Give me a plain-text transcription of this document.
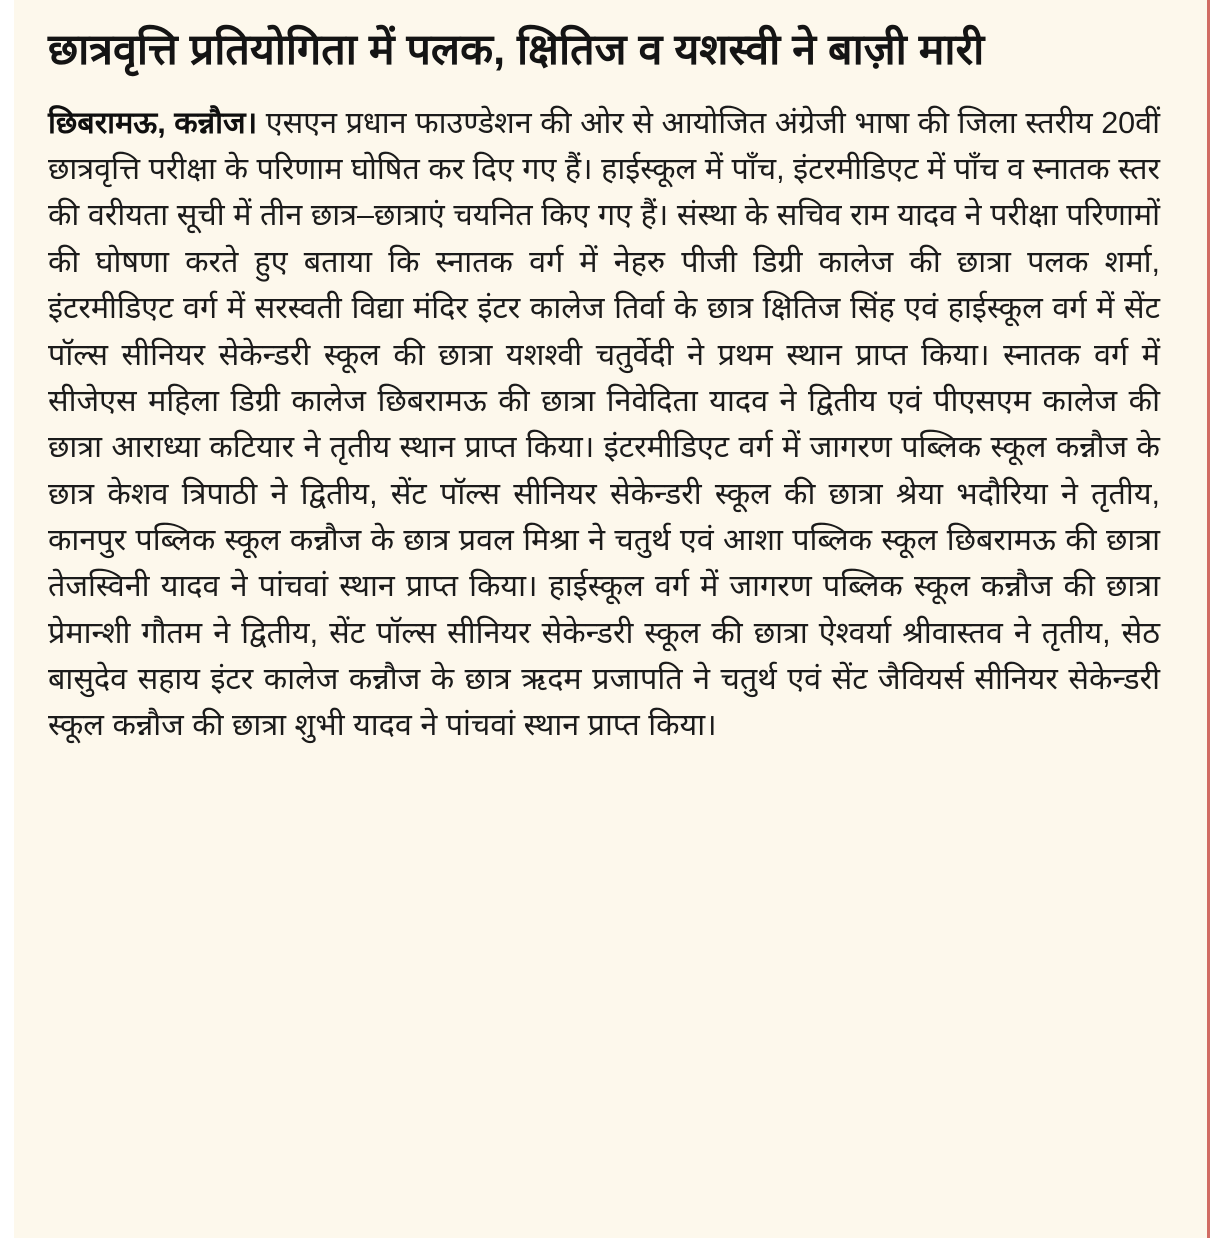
छात्रवृत्ति प्रतियोगिता में पलक, क्षितिज व यशस्वी ने बाज़ी मारी

छिबरामऊ, कन्नौज। एसएन प्रधान फाउण्डेशन की ओर से आयोजित अंग्रेजी भाषा की जिला स्तरीय 20वीं छात्रवृत्ति परीक्षा के परिणाम घोषित कर दिए गए हैं। हाईस्कूल में पाँच, इंटरमीडिएट में पाँच व स्नातक स्तर की वरीयता सूची में तीन छात्र–छात्राएं चयनित किए गए हैं। संस्था के सचिव राम यादव ने परीक्षा परिणामों की घोषणा करते हुए बताया कि स्नातक वर्ग में नेहरु पीजी डिग्री कालेज की छात्रा पलक शर्मा, इंटरमीडिएट वर्ग में सरस्वती विद्या मंदिर इंटर कालेज तिर्वा के छात्र क्षितिज सिंह एवं हाईस्कूल वर्ग में सेंट पॉल्स सीनियर सेकेन्डरी स्कूल की छात्रा यशश्वी चतुर्वेदी ने प्रथम स्थान प्राप्त किया। स्नातक वर्ग में सीजेएस महिला डिग्री कालेज छिबरामऊ की छात्रा निवेदिता यादव ने द्वितीय एवं पीएसएम कालेज की छात्रा आराध्या कटियार ने तृतीय स्थान प्राप्त किया। इंटरमीडिएट वर्ग में जागरण पब्लिक स्कूल कन्नौज के छात्र केशव त्रिपाठी ने द्वितीय, सेंट पॉल्स सीनियर सेकेन्डरी स्कूल की छात्रा श्रेया भदौरिया ने तृतीय, कानपुर पब्लिक स्कूल कन्नौज के छात्र प्रवल मिश्रा ने चतुर्थ एवं आशा पब्लिक स्कूल छिबरामऊ की छात्रा तेजस्विनी यादव ने पांचवां स्थान प्राप्त किया। हाईस्कूल वर्ग में जागरण पब्लिक स्कूल कन्नौज की छात्रा प्रेमान्शी गौतम ने द्वितीय, सेंट पॉल्स सीनियर सेकेन्डरी स्कूल की छात्रा ऐश्वर्या श्रीवास्तव ने तृतीय, सेठ बासुदेव सहाय इंटर कालेज कन्नौज के छात्र ऋदम प्रजापति ने चतुर्थ एवं सेंट जैवियर्स सीनियर सेकेन्डरी स्कूल कन्नौज की छात्रा शुभी यादव ने पांचवां स्थान प्राप्त किया।
